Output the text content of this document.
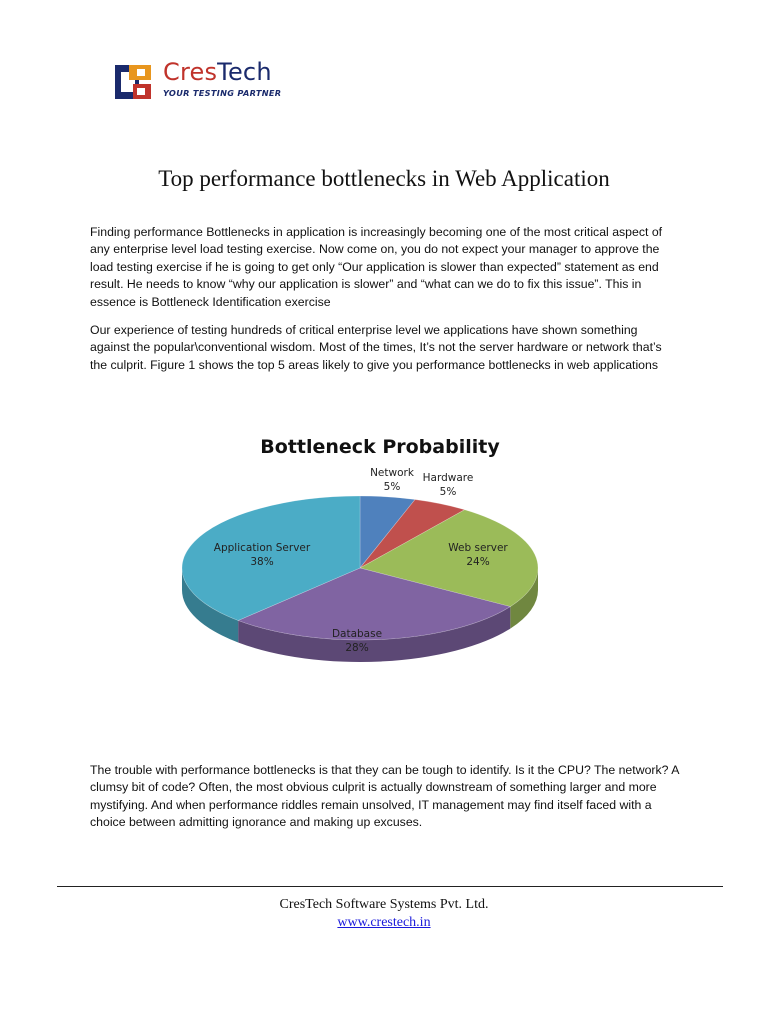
CresTech
YOUR TESTING PARTNER
Top performance bottlenecks in Web Application
Finding performance Bottlenecks in application is increasingly becoming one of the most critical aspect of any enterprise level load testing exercise. Now come on, you do not expect your manager to approve the load testing exercise if he is going to get only “Our application is slower than expected” statement as end result. He needs to know “why our application is slower” and “what can we do to fix this issue”. This in essence is Bottleneck Identification exercise
Our experience of testing hundreds of critical enterprise level we applications have shown something against the popular\conventional wisdom. Most of the times, It’s not the server hardware or network that’s the culprit. Figure 1 shows the top 5 areas likely to give you performance bottlenecks in web applications
Bottleneck Probability
Network
5%
Hardware
5%
Web server
24%
Database
28%
Application Server
38%
The trouble with performance bottlenecks is that they can be tough to identify. Is it the CPU? The network? A clumsy bit of code? Often, the most obvious culprit is actually downstream of something larger and more mystifying. And when performance riddles remain unsolved, IT management may find itself faced with a choice between admitting ignorance and making up excuses.
CresTech Software Systems Pvt. Ltd.
www.crestech.in
